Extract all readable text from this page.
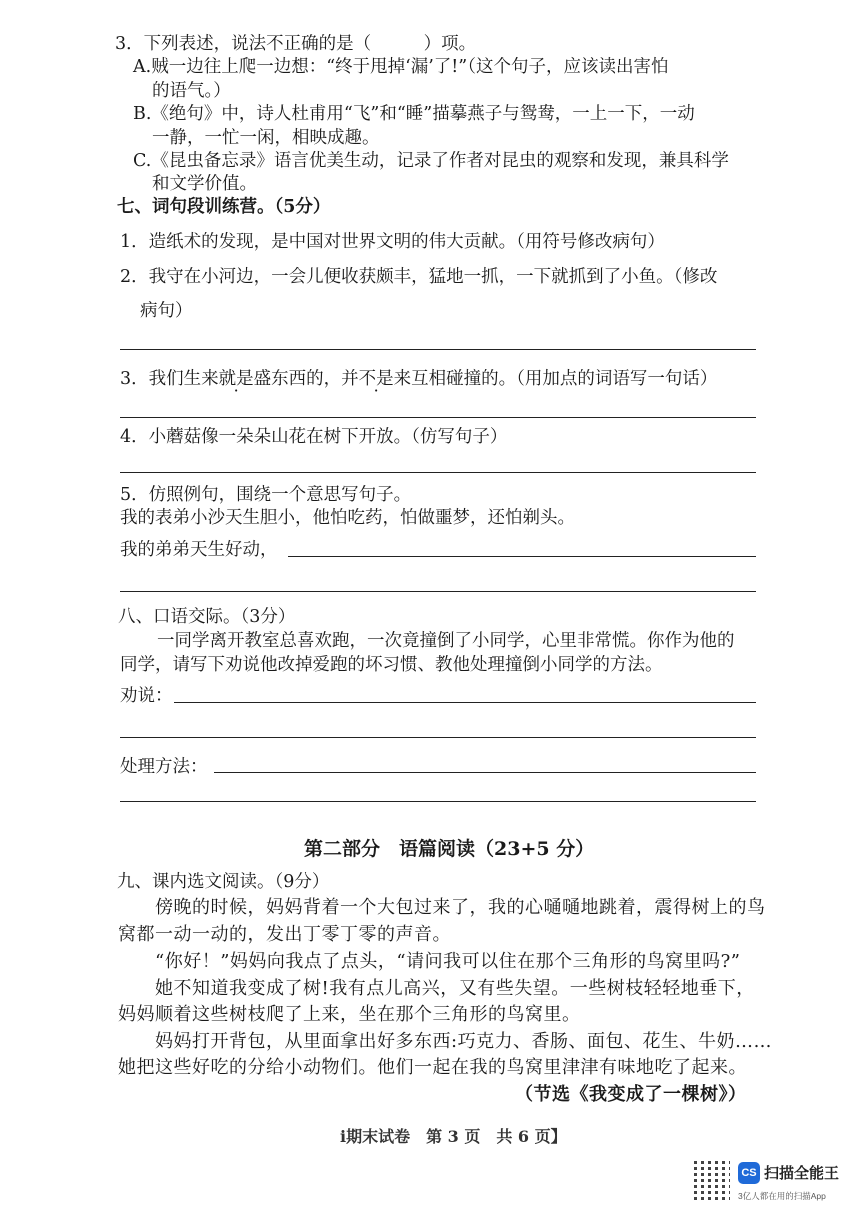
3．下列表述，说法不正确的是（　　　）项。
A.贼一边往上爬一边想：“终于甩掉‘漏’了!”（这个句子，应该读出害怕
的语气。）
B.《绝句》中，诗人杜甫用“飞”和“睡”描摹燕子与鸳鸯，一上一下，一动
一静，一忙一闲，相映成趣。
C.《昆虫备忘录》语言优美生动，记录了作者对昆虫的观察和发现，兼具科学
和文学价值。
七、词句段训练营。（5分）
1．造纸术的发现，是中国对世界文明的伟大贡献。（用符号修改病句）
2．我守在小河边，一会儿便收获颇丰，猛地一抓，一下就抓到了小鱼。（修改
病句）
3．我们生来就是盛东西的，并不是来互相碰撞的。（用加点的词语写一句话）
4．小蘑菇像一朵朵山花在树下开放。（仿写句子）
5．仿照例句，围绕一个意思写句子。
我的表弟小沙天生胆小，他怕吃药，怕做噩梦，还怕剃头。
我的弟弟天生好动，
八、口语交际。（3分）
一同学离开教室总喜欢跑，一次竟撞倒了小同学，心里非常慌。你作为他的
同学，请写下劝说他改掉爱跑的坏习惯、教他处理撞倒小同学的方法。
劝说：
处理方法：
第二部分　语篇阅读（23+5 分）
九、课内选文阅读。（9分）
傍晚的时候，妈妈背着一个大包过来了，我的心嗵嗵地跳着，震得树上的鸟
窝都一动一动的，发出丁零丁零的声音。
“你好！”妈妈向我点了点头，“请问我可以住在那个三角形的鸟窝里吗?”
她不知道我变成了树!我有点儿高兴，又有些失望。一些树枝轻轻地垂下，
妈妈顺着这些树枝爬了上来，坐在那个三角形的鸟窝里。
妈妈打开背包，从里面拿出好多东西:巧克力、香肠、面包、花生、牛奶……
她把这些好吃的分给小动物们。他们一起在我的鸟窝里津津有味地吃了起来。
（节选《我变成了一棵树》）
i期末试卷　第 3 页　共 6 页】
CS 扫描全能王
3亿人都在用的扫描App
